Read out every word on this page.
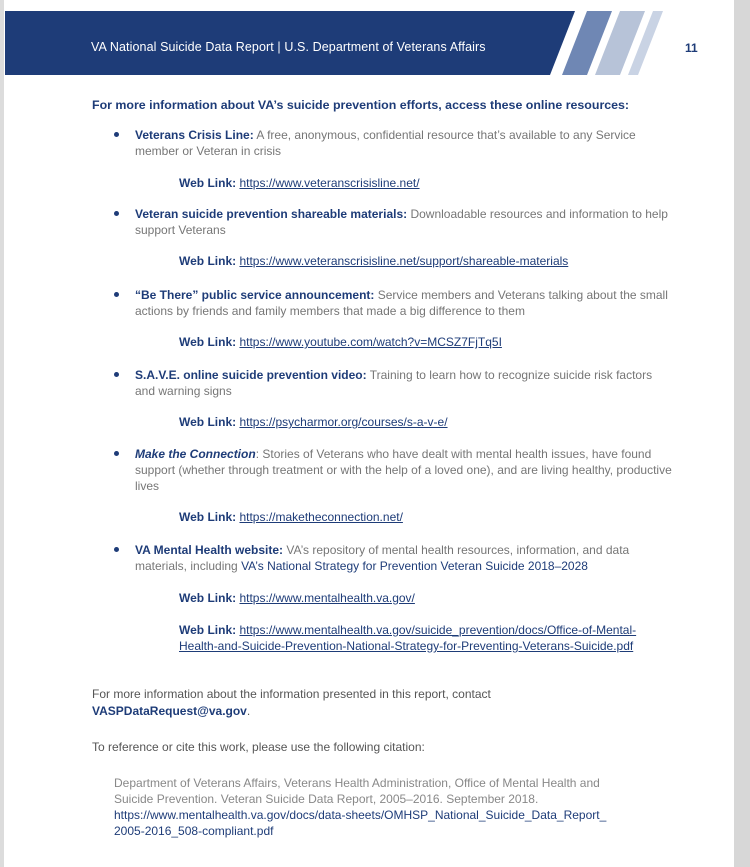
VA National Suicide Data Report | U.S. Department of Veterans Affairs	11
For more information about VA’s suicide prevention efforts, access these online resources:
Veterans Crisis Line: A free, anonymous, confidential resource that’s available to any Service member or Veteran in crisis
Web Link: https://www.veteranscrisisline.net/
Veteran suicide prevention shareable materials: Downloadable resources and information to help support Veterans
Web Link: https://www.veteranscrisisline.net/support/shareable-materials
“Be There” public service announcement: Service members and Veterans talking about the small actions by friends and family members that made a big difference to them
Web Link: https://www.youtube.com/watch?v=MCSZ7FjTq5I
S.A.V.E. online suicide prevention video: Training to learn how to recognize suicide risk factors and warning signs
Web Link: https://psycharmor.org/courses/s-a-v-e/
Make the Connection: Stories of Veterans who have dealt with mental health issues, have found support (whether through treatment or with the help of a loved one), and are living healthy, productive lives
Web Link: https://maketheconnection.net/
VA Mental Health website: VA’s repository of mental health resources, information, and data materials, including VA’s National Strategy for Prevention Veteran Suicide 2018–2028
Web Link: https://www.mentalhealth.va.gov/
Web Link: https://www.mentalhealth.va.gov/suicide_prevention/docs/Office-of-Mental-Health-and-Suicide-Prevention-National-Strategy-for-Preventing-Veterans-Suicide.pdf
For more information about the information presented in this report, contact
VASPDataRequest@va.gov.
To reference or cite this work, please use the following citation:
Department of Veterans Affairs, Veterans Health Administration, Office of Mental Health and Suicide Prevention. Veteran Suicide Data Report, 2005–2016. September 2018.
https://www.mentalhealth.va.gov/docs/data-sheets/OMHSP_National_Suicide_Data_Report_2005-2016_508-compliant.pdf
